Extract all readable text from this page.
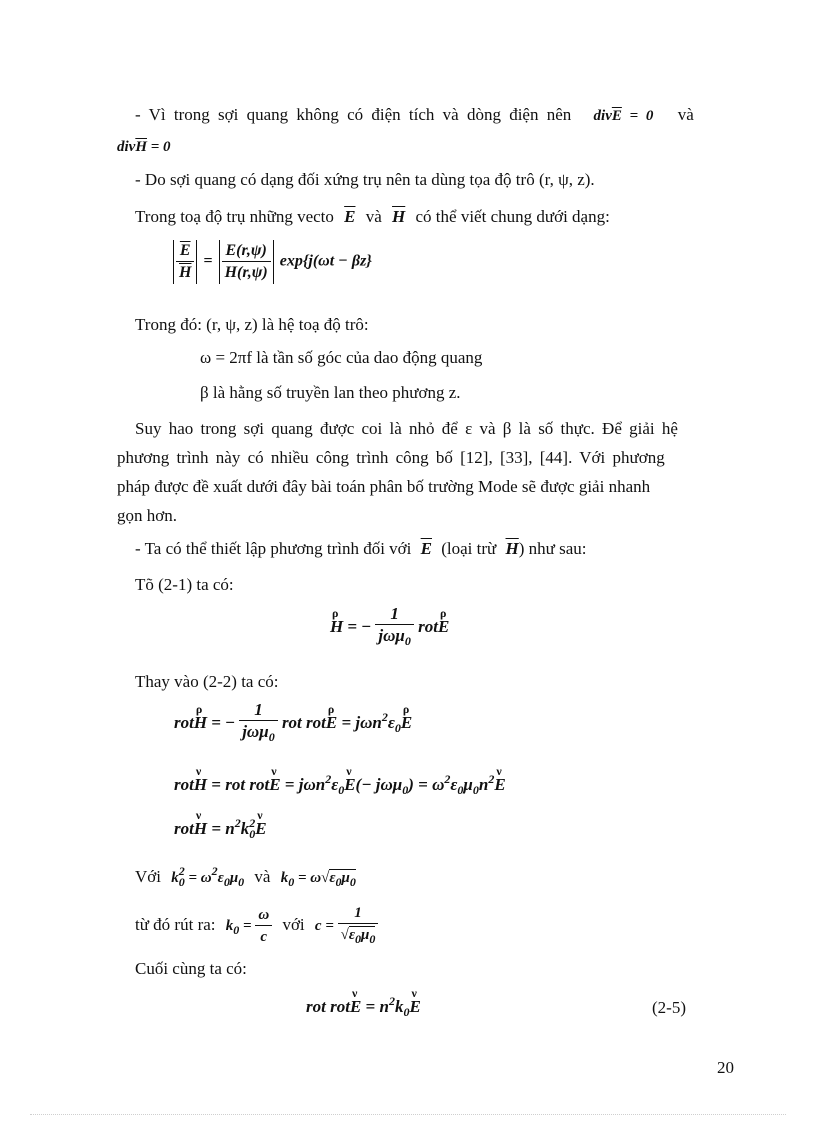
- Vì trong sợi quang không có điện tích và dòng điện nên $div\overline{E} = 0$ và
$div\overline{H} = 0$
- Do sợi quang có dạng đối xứng trụ nên ta dùng tọa độ trô (r, ψ, z).
Trong toạ độ trụ những vecto $\overline{E}$ và $\overline{H}$ có thể viết chung dưới dạng:
$\frac{\overline{E}}{H} = \frac{E(r,\psi)}{H(r,\psi)} \exp\{j(\omega t - \beta z\}$
Trong đó: (r, ψ, z) là hệ toạ độ trô:
ω = 2πf là tần số góc của dao động quang
β là hằng số truyền lan theo phương z.
Suy hao trong sợi quang được coi là nhỏ để ε và β là số thực. Để giải hệ
phương trình này có nhiều công trình công bố [12], [33], [44]. Với phương
pháp được đề xuất dưới đây bài toán phân bố trường Mode sẽ được giải nhanh
gọn hơn.
- Ta có thể thiết lập phương trình đối với $\overline{E}$ (loại trừ $\overline{H}$) như sau:
Tõ (2-1) ta có:
ρ
H = − $\frac{1}{j\omega\mu_0}$ rot
ρ
E
Thay vào (2-2) ta có:
rot
ρ
H = − $\frac{1}{j\omega\mu_0}$ rot rot
ρ
$E = j\omega n^2\varepsilon_0$
ρ
E
rot
ν
H = rot rot
ν
$E = j\omega n^2\varepsilon_0$
ν
$E(- j\omega\mu_0) = \omega^2\varepsilon_0\mu_0n^2$
ν
E
rot
ν
$H = n^2k_0^2$
ν
E
Với $k_0^2 = \omega^2\varepsilon_0\mu_0$ và $k_0 = \omega√\varepsilon_0\mu_0$
từ đó rút ra: $k_0 = \frac{\omega}{c}$ với $c = \frac{1}{√\varepsilon_0\mu_0}$
Cuối cùng ta có:
rot rot
ν
$E = n^2k_0$
ν
E	(2-5)
20
